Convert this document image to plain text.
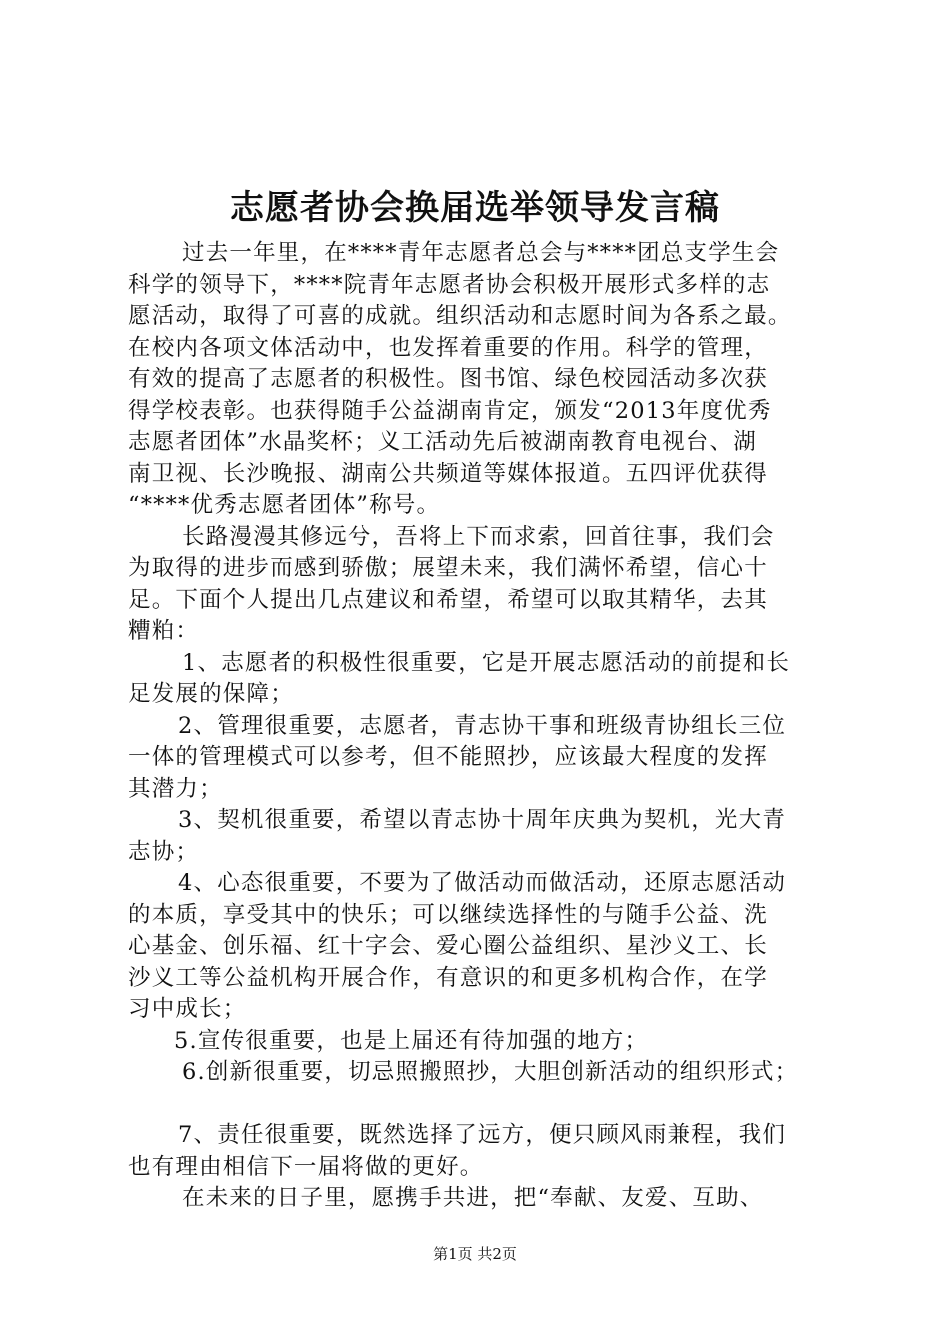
志愿者协会换届选举领导发言稿
过去一年里，在****青年志愿者总会与****团总支学生会
科学的领导下，****院青年志愿者协会积极开展形式多样的志
愿活动，取得了可喜的成就。组织活动和志愿时间为各系之最。
在校内各项文体活动中，也发挥着重要的作用。科学的管理，
有效的提高了志愿者的积极性。图书馆、绿色校园活动多次获
得学校表彰。也获得随手公益湖南肯定，颁发“2013年度优秀
志愿者团体”水晶奖杯；义工活动先后被湖南教育电视台、湖
南卫视、长沙晚报、湖南公共频道等媒体报道。五四评优获得
“****优秀志愿者团体”称号。
长路漫漫其修远兮，吾将上下而求索，回首往事，我们会
为取得的进步而感到骄傲；展望未来，我们满怀希望，信心十
足。下面个人提出几点建议和希望，希望可以取其精华，去其
糟粕：
1、志愿者的积极性很重要，它是开展志愿活动的前提和长
足发展的保障；
2、管理很重要，志愿者，青志协干事和班级青协组长三位
一体的管理模式可以参考，但不能照抄，应该最大程度的发挥
其潜力；
3、契机很重要，希望以青志协十周年庆典为契机，光大青
志协；
4、心态很重要，不要为了做活动而做活动，还原志愿活动
的本质，享受其中的快乐；可以继续选择性的与随手公益、洗
心基金、创乐福、红十字会、爱心圈公益组织、星沙义工、长
沙义工等公益机构开展合作，有意识的和更多机构合作，在学
习中成长；
5.宣传很重要，也是上届还有待加强的地方；
6.创新很重要，切忌照搬照抄，大胆创新活动的组织形式；
7、责任很重要，既然选择了远方，便只顾风雨兼程，我们
也有理由相信下一届将做的更好。
在未来的日子里，愿携手共进，把“奉献、友爱、互助、
第1页 共2页
